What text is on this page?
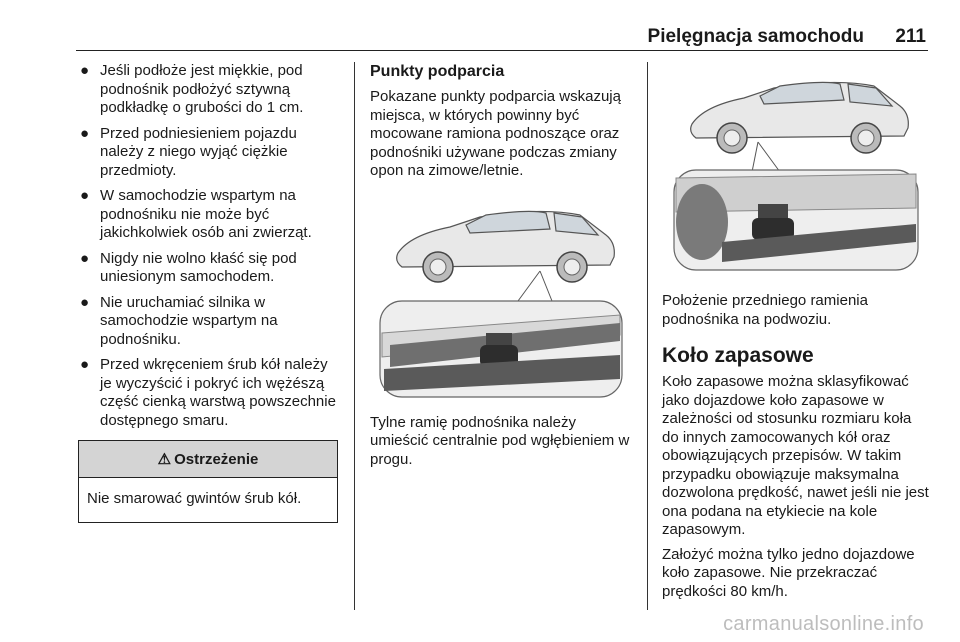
Pielęgnacja samochodu 211
● Jeśli podłoże jest miękkie, pod podnośnik podłożyć sztywną podkładkę o grubości do 1 cm.
● Przed podniesieniem pojazdu należy z niego wyjąć ciężkie przedmioty.
● W samochodzie wspartym na podnośniku nie może być jakichkolwiek osób ani zwierząt.
● Nigdy nie wolno kłaść się pod uniesionym samochodem.
● Nie uruchamiać silnika w samochodzie wspartym na podnośniku.
● Przed wkręceniem śrub kół należy je wyczyścić i pokryć ich wężészą część cienką warstwą powszechnie dostępnego smaru.
⚠ Ostrzeżenie
Nie smarować gwintów śrub kół.
Punkty podparcia

Pokazane punkty podparcia wskazują miejsca, w których powinny być mocowane ramiona podnoszące oraz podnośniki używane podczas zmiany opon na zimowe/letnie.

Tylne ramię podnośnika należy umieścić centralnie pod wgłębieniem w progu.

Położenie przedniego ramienia podnośnika na podwoziu.

Koło zapasowe

Koło zapasowe można sklasyfikować jako dojazdowe koło zapasowe w zależności od stosunku rozmiaru koła do innych zamocowanych kół oraz obowiązujących przepisów. W takim przypadku obowiązuje maksymalna dozwolona prędkość, nawet jeśli nie jest ona podana na etykiecie na kole zapasowym.

Założyć można tylko jedno dojazdowe koło zapasowe. Nie przekraczać prędkości 80 km/h.

carmanualsonline.info
